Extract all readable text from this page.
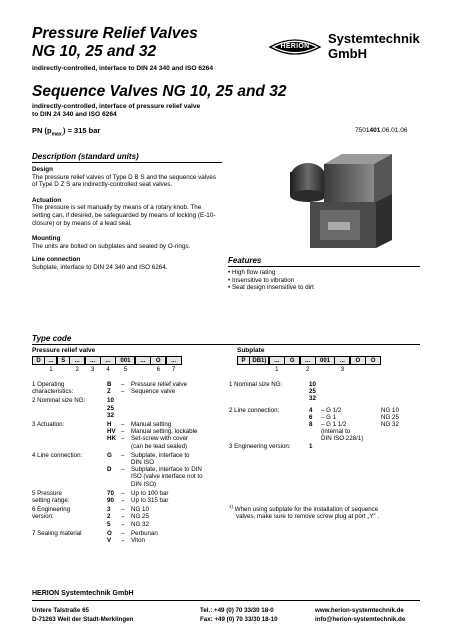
Pressure Relief Valves
NG 10, 25 and 32
indirectly-controlled, interface to DIN 24 340 and ISO 6264
HERION
Systemtechnik
GmbH
Sequence Valves NG 10, 25 and 32
indirectly-controlled, interface of pressure relief valve
to DIN 24 340 and ISO 6264
PN $(p_{max.}) = 315$ bar	7501401.06.01.06
Description (standard units)
Design
The pressure relief valves of Type D B S and the sequence valves of Type D Z S are indirectly-controlled seat valves.
Actuation
The pressure is set manually by means of a rotary knob. The setting can, if desired, be safeguarded by means of locking (E-10-closure) or by means of a lead seal.
Mounting
The units are bolted on subplates and sealed by O-rings.
Line connection
Subplate, interface to DIN 24 340 and ISO 6264.
Features
• High flow rating
• Insensitive to vibration
• Seat design insensitive to dirt
Type code
Pressure relief valve
D	...	S	...	...	...	001	...	O	...
1	2	3	4	5	6	7
Subplate
P	DB1)	...	G	...	001	...	O	O
1	2	3
1 Operating	B	–	Pressure relief valve
characteristics:	Z	–	Sequence valve
2 Nominal size NG:	10		
	25		
	32		
3 Actuation:	H	–	Manual setting
	HV	–	Manual setting, lockable
	HK	–	Set-screw with cover
			(can be lead sealed)
4 Line connection:	G	–	Subplate, interface to
			DIN ISO
	D	–	Subplate, interface to DIN
			ISO (valve interface not to
			DIN ISO)
5 Pressure	70	–	Up to 100 bar
setting range:	90	–	Up to 315 bar
6 Engineering	3	–	NG 10
version:	2	–	NG 25
	5	–	NG 32
7 Sealing material	O	–	Perbunan
	V	–	Viton
1 Nominal size NG:	10		
	25		
	32		

2 Line connection:	4	– G 1/2	NG 10
	6	– G 1	NG 25
	8	– G 1 1/2	NG 32
		(internal to	
		DIN ISO 228/1)	
3 Engineering version:	1		
$^{1)}$ When using subplate for the installation of sequence
valves, make sure to remove screw plug at port „Y“ .
HERION Systemtechnik GmbH
Untere Talstraße 65
D-71263 Weil der Stadt-Merklingen
Tel.: +49 (0) 70 33/30 18-0
Fax: +49 (0) 70 33/30 18-10
www.herion-systemtechnik.de
info@herion-systemtechnik.de
